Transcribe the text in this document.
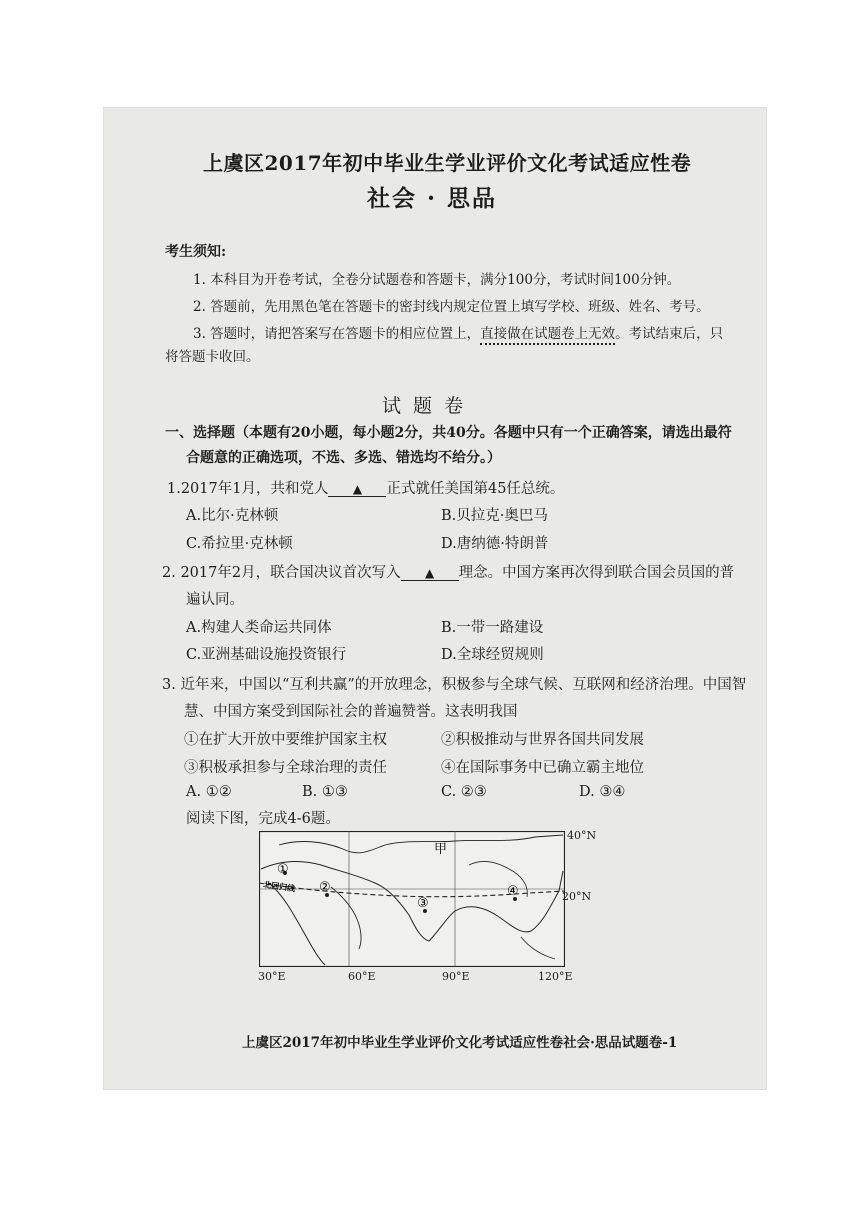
上虞区2017年初中毕业生学业评价文化考试适应性卷
社会 · 思品
考生须知:
1. 本科目为开卷考试，全卷分试题卷和答题卡，满分100分，考试时间100分钟。
2. 答题前，先用黑色笔在答题卡的密封线内规定位置上填写学校、班级、姓名、考号。
3. 答题时，请把答案写在答题卡的相应位置上，直接做在试题卷上无效。考试结束后，只
将答题卡收回。
试 题 卷
一、选择题（本题有20小题，每小题2分，共40分。各题中只有一个正确答案，请选出最符
合题意的正确选项，不选、多选、错选均不给分。）
1.2017年1月，共和党人 ▲ 正式就任美国第45任总统。
A.比尔·克林顿	B.贝拉克·奥巴马
C.希拉里·克林顿	D.唐纳德·特朗普
2. 2017年2月，联合国决议首次写入 ▲ 理念。中国方案再次得到联合国会员国的普
遍认同。
A.构建人类命运共同体	B.一带一路建设
C.亚洲基础设施投资银行	D.全球经贸规则
3. 近年来，中国以“互利共赢”的开放理念，积极参与全球气候、互联网和经济治理。中国智
慧、中国方案受到国际社会的普遍赞誉。这表明我国
①在扩大开放中要维护国家主权	②积极推动与世界各国共同发展
③积极承担参与全球治理的责任	④在国际事务中已确立霸主地位
A. ①②	B. ①③	C. ②③	D. ③④
阅读下图，完成4-6题。
①
②
③
④
北回归线
甲
40°N
20°N
30°E	60°E	90°E	120°E
上虞区2017年初中毕业生学业评价文化考试适应性卷社会·思品试题卷-1
